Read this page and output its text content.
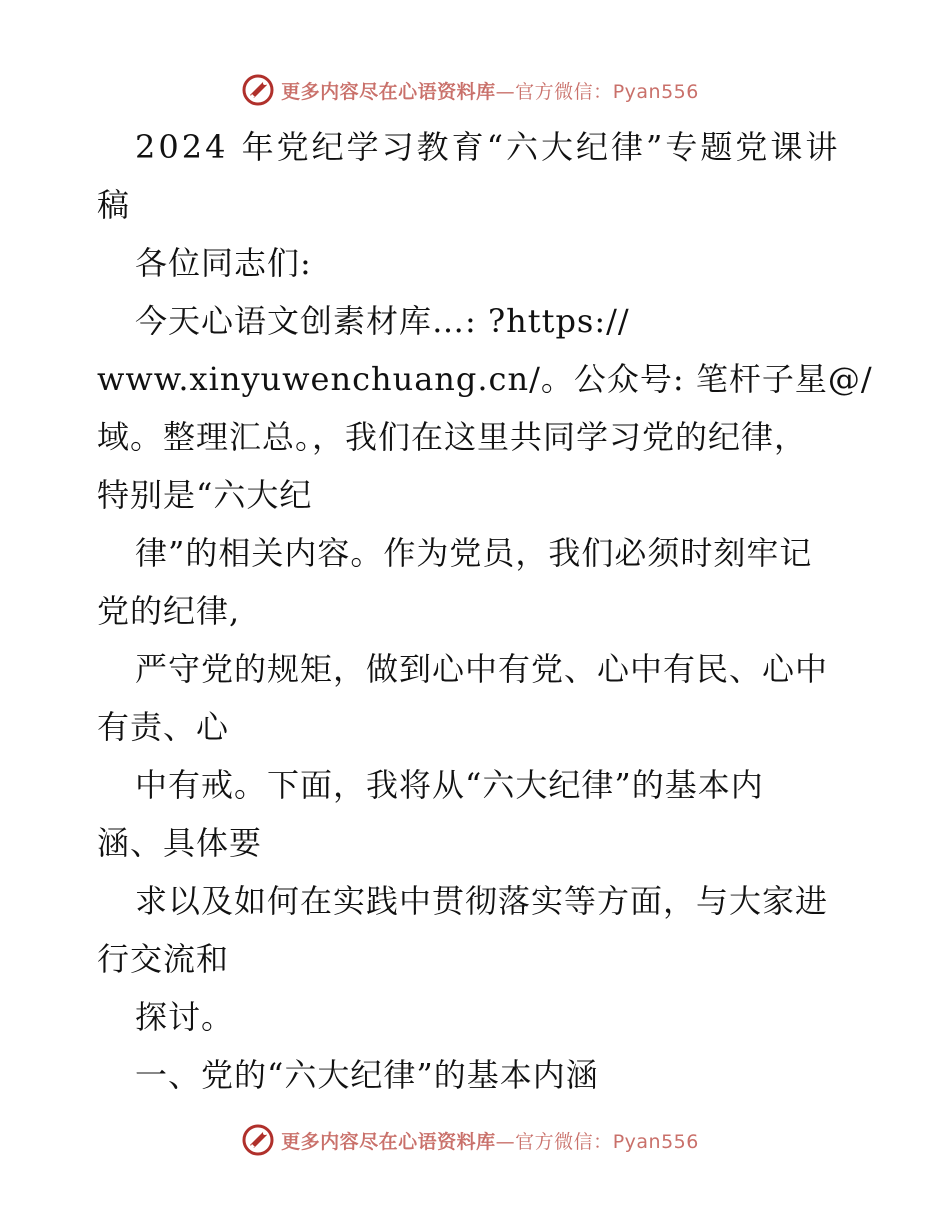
更多内容尽在心语资料库—官方微信：Pyan556
2024 年党纪学习教育“六大纪律”专题党课讲
稿
各位同志们:
今天心语文创素材库…: ?https://
www.xinyuwenchuang.cn/。公众号: 笔杆子星@/
域。整理汇总。，我们在这里共同学习党的纪律，
特别是“六大纪
律”的相关内容。作为党员，我们必须时刻牢记
党的纪律,
严守党的规矩，做到心中有党、心中有民、心中
有责、心
中有戒。下面，我将从“六大纪律”的基本内
涵、具体要
求以及如何在实践中贯彻落实等方面，与大家进
行交流和
探讨。
一、党的“六大纪律”的基本内涵
更多内容尽在心语资料库—官方微信：Pyan556
